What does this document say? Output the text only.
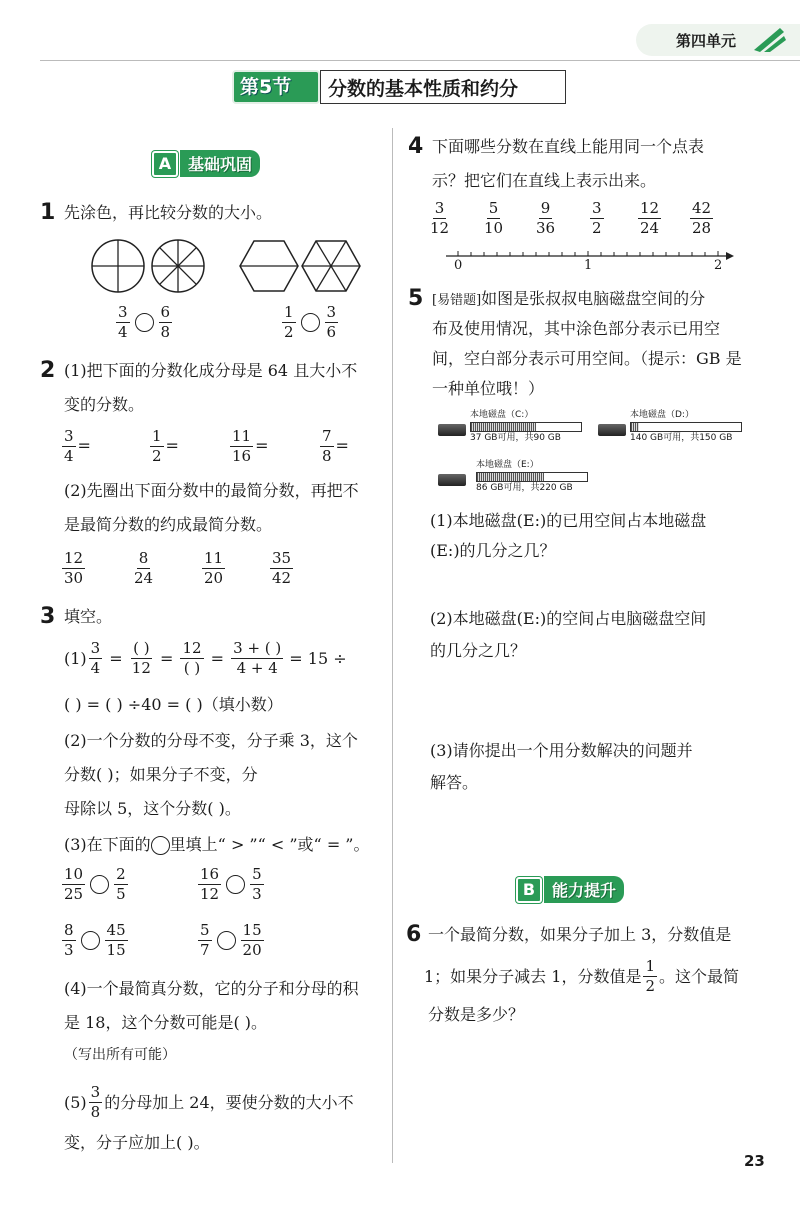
第四单元
第5节 分数的基本性质和约分
A	基础巩固
1 先涂色，再比较分数的大小。
$\frac{3}{4} \frac{6}{8}$	$\frac{1}{2} \frac{3}{6}$
2 (1)把下面的分数化成分母是 64 且大小不
变的分数。
$\frac{3}{4}$ =	$\frac{1}{2}$ =	$\frac{11}{16}$ =	$\frac{7}{8}$ =
(2)先圈出下面分数中的最简分数，再把不
是最简分数的约成最简分数。
$\frac{12}{30}$	$\frac{8}{24}$	$\frac{11}{20}$	$\frac{35}{42}$
3 填空。
$(1) \frac{3}{4} = \frac{( )}{12} = \frac{12}{( )} = \frac{3 + ( )}{4 + 4} = 15$ ÷
( ) = ( ) ÷40 = ( )（填小数）
(2)一个分数的分母不变，分子乘 3，这个
分数( )；如果分子不变，分
母除以 5，这个分数( )。
(3)在下面的 里填上“ > ”“ < ”或“ = ”。
$\frac{10}{25} \frac{2}{5}$	$\frac{16}{12} \frac{5}{3}$
$\frac{8}{3} \frac{45}{15}$	$\frac{5}{7} \frac{15}{20}$
(4)一个最简真分数，它的分子和分母的积
是 18，这个分数可能是( )。
（写出所有可能）
$(5) \frac{3}{8}$ 的分母加上 24，要使分数的大小不
变，分子应加上( )。
4 下面哪些分数在直线上能用同一个点表
示？把它们在直线上表示出来。
$\frac{3}{12} \frac{5}{10} \frac{9}{36} \frac{3}{2} \frac{12}{24} \frac{42}{28}$
0	1	2
5 [易错题]如图是张叔叔电脑磁盘空间的分
布及使用情况，其中涂色部分表示已用空
间，空白部分表示可用空间。（提示：GB 是
一种单位哦！）
本地磁盘（C:）
37 GB可用，共90 GB
本地磁盘（D:）
140 GB可用，共150 GB
本地磁盘（E:）
86 GB可用，共220 GB
(1)本地磁盘(E:)的已用空间占本地磁盘
(E:)的几分之几？
(2)本地磁盘(E:)的空间占电脑磁盘空间
的几分之几？
(3)请你提出一个用分数解决的问题并
解答。
B	能力提升
6 一个最简分数，如果分子加上 3，分数值是
1；如果分子减去 1，分数值是 $\frac{1}{2}$ 。这个最简
分数是多少？
23
